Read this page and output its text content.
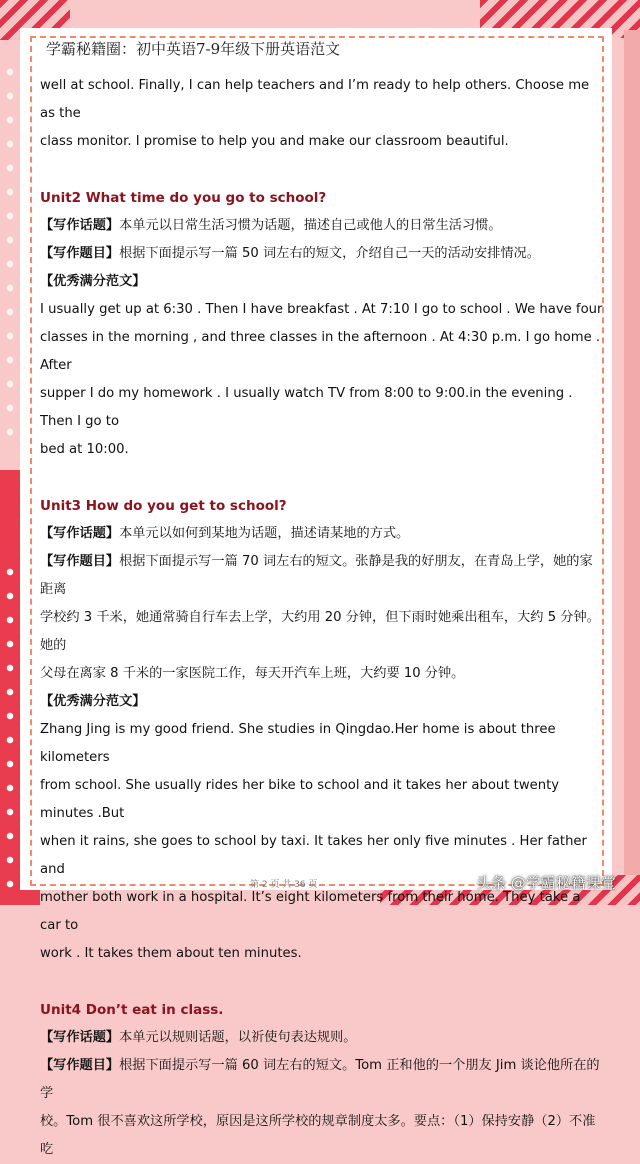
学霸秘籍圈：初中英语7-9年级下册英语范文

well at school. Finally, I can help teachers and I’m ready to help others. Choose me as the

class monitor. I promise to help you and make our classroom beautiful.

Unit2 What time do you go to school?

【写作话题】本单元以日常生活习惯为话题，描述自己或他人的日常生活习惯。

【写作题目】根据下面提示写一篇 50 词左右的短文，介绍自己一天的活动安排情况。

【优秀满分范文】

I usually get up at 6:30 . Then I have breakfast . At 7:10 I go to school . We have four

classes in the morning , and three classes in the afternoon . At 4:30 p.m. I go home . After

supper I do my homework . I usually watch TV from 8:00 to 9:00.in the evening . Then I go to

bed at 10:00.

Unit3 How do you get to school?

【写作话题】本单元以如何到某地为话题，描述请某地的方式。

【写作题目】根据下面提示写一篇 70 词左右的短文。张静是我的好朋友，在青岛上学，她的家距离

学校约 3 千米，她通常骑自行车去上学，大约用 20 分钟，但下雨时她乘出租车，大约 5 分钟。她的

父母在离家 8 千米的一家医院工作，每天开汽车上班，大约要 10 分钟。

【优秀满分范文】

Zhang Jing is my good friend. She studies in Qingdao.Her home is about three kilometers

from school. She usually rides her bike to school and it takes her about twenty minutes .But

when it rains, she goes to school by taxi. It takes her only five minutes . Her father and

mother both work in a hospital. It’s eight kilometers from their home. They take a car to

work . It takes them about ten minutes.

Unit4 Don’t eat in class.

【写作话题】本单元以规则话题，以祈使句表达规则。

【写作题目】根据下面提示写一篇 60 词左右的短文。Tom 正和他的一个朋友 Jim 谈论他所在的学

校。Tom 很不喜欢这所学校，原因是这所学校的规章制度太多。要点：（1）保持安静（2）不准吃

第 2 页 共 36 页	头条 @学霸秘籍课堂
